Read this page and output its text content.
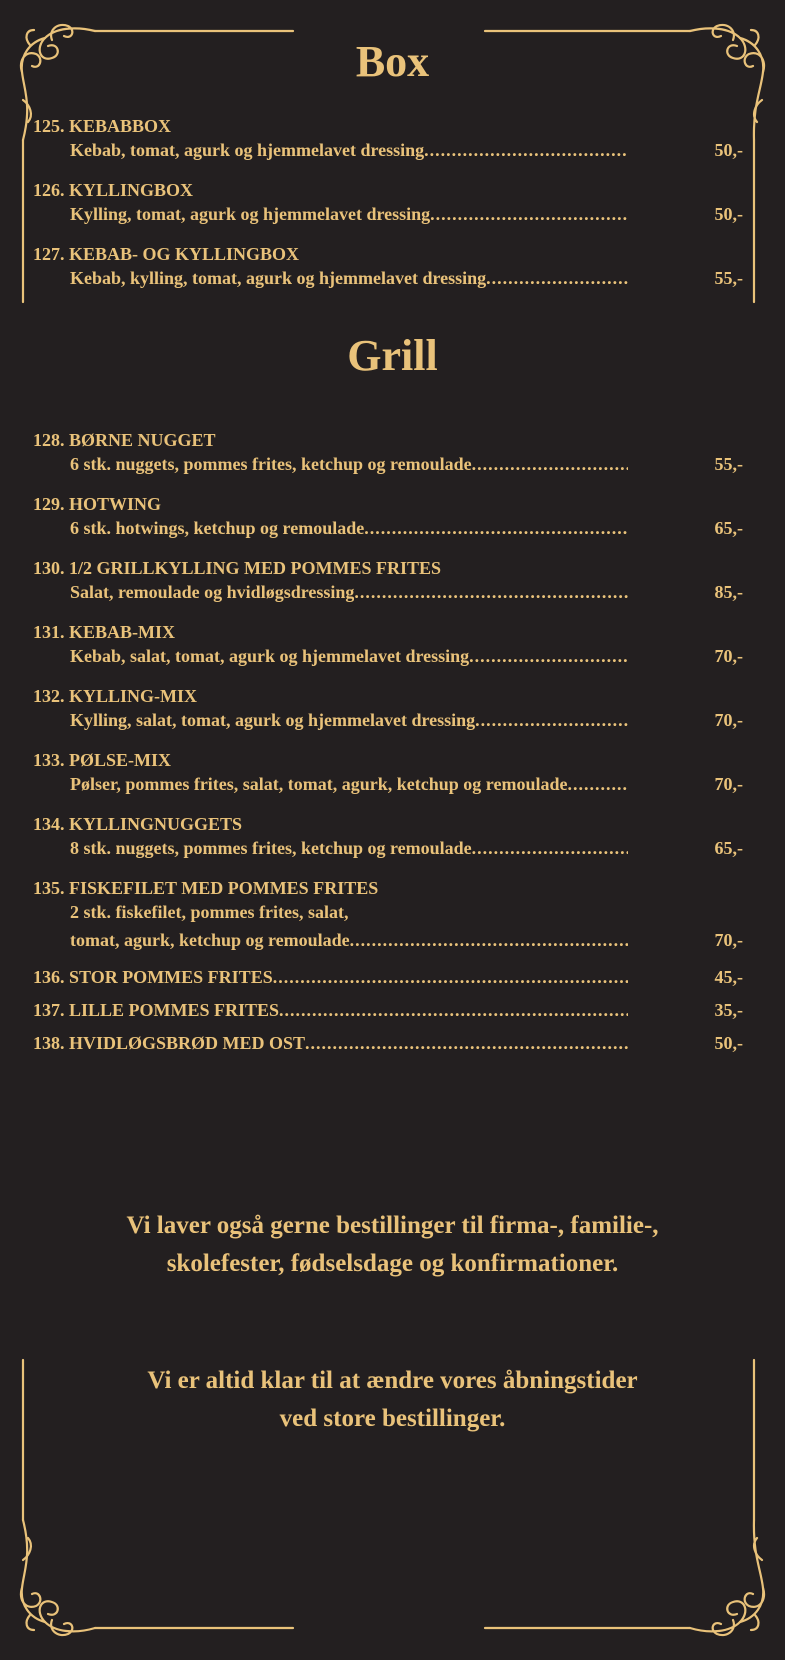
Box
125. KEBABBOX
Kebab, tomat, agurk og hjemmelavet dressing .....	50,-
126. KYLLINGBOX
Kylling, tomat, agurk og hjemmelavet dressing .....	50,-
127. KEBAB- OG KYLLINGBOX
Kebab, kylling, tomat, agurk og hjemmelavet dressing .....	55,-
Grill
128. BØRNE NUGGET
6 stk. nuggets, pommes frites, ketchup og remoulade .....	55,-
129. HOTWING
6 stk. hotwings, ketchup og remoulade .....	65,-
130. 1/2 GRILLKYLLING MED POMMES FRITES
Salat, remoulade og hvidløgsdressing .....	85,-
131. KEBAB-MIX
Kebab, salat, tomat, agurk og hjemmelavet dressing .....	70,-
132. KYLLING-MIX
Kylling, salat, tomat, agurk og hjemmelavet dressing .....	70,-
133. PØLSE-MIX
Pølser, pommes frites, salat, tomat, agurk, ketchup og remoulade .....	70,-
134. KYLLINGNUGGETS
8 stk. nuggets, pommes frites, ketchup og remoulade .....	65,-
135. FISKEFILET MED POMMES FRITES
2 stk. fiskefilet, pommes frites, salat,
tomat, agurk, ketchup og remoulade .....	70,-
136. STOR POMMES FRITES .....	45,-
137. LILLE POMMES FRITES .....	35,-
138. HVIDLØGSBRØD MED OST .....	50,-
Vi laver også gerne bestillinger til firma-, familie-,
skolefester, fødselsdage og konfirmationer.
Vi er altid klar til at ændre vores åbningstider
ved store bestillinger.
